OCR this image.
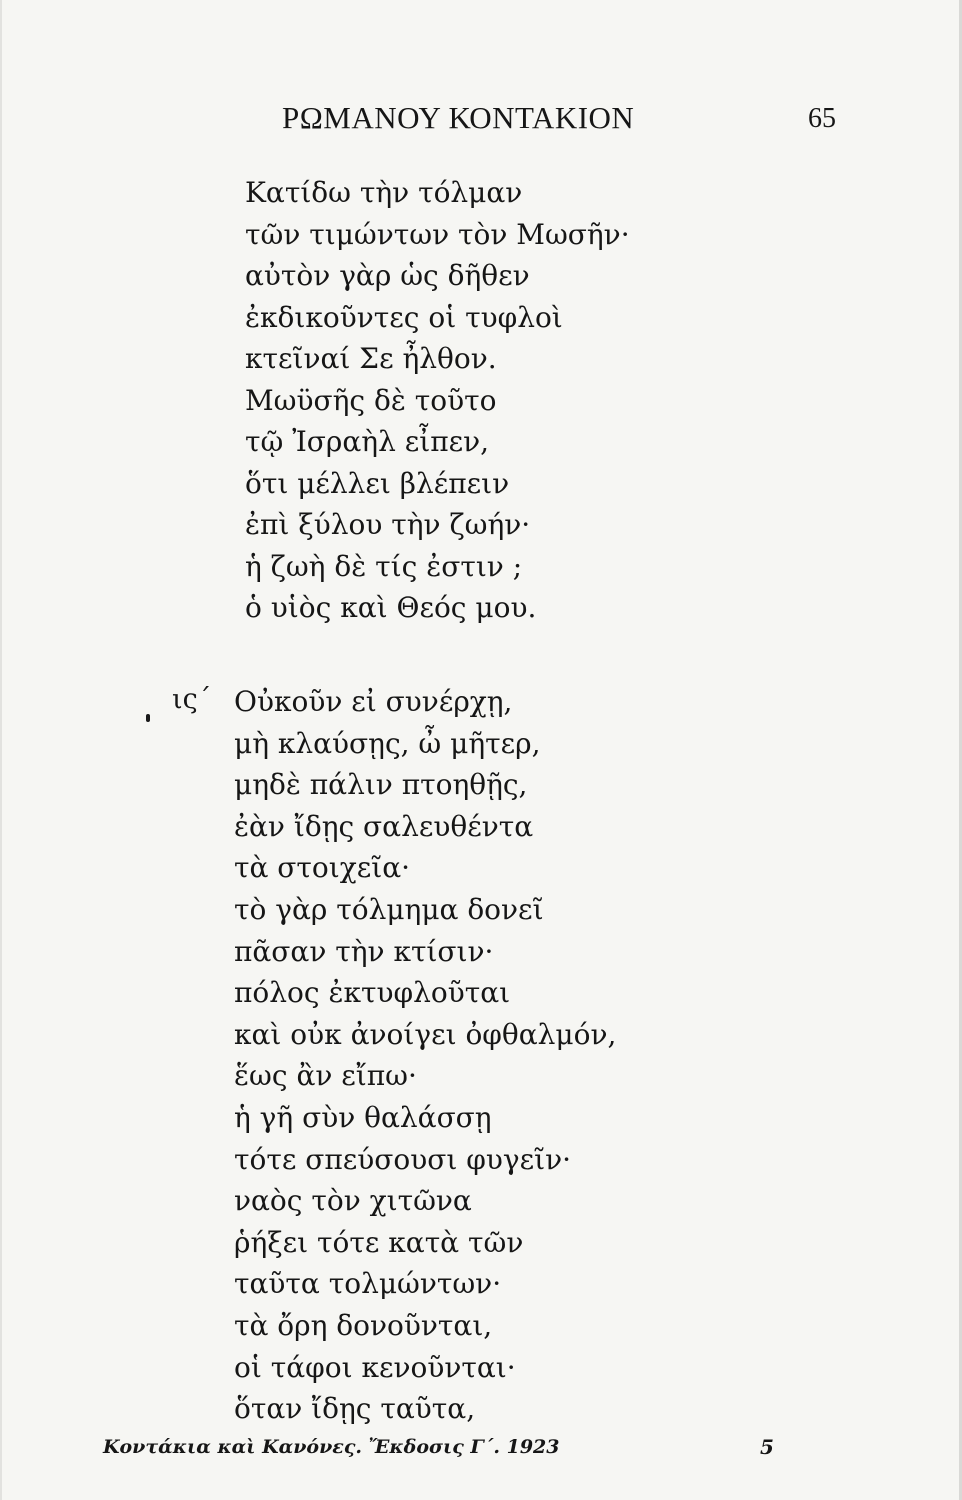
ΡΩΜΑΝΟΥ ΚΟΝΤΑΚΙΟΝ	65
Κατίδω τὴν τόλμαν
τῶν τιμώντων τὸν Μωσῆν·
αὐτὸν γὰρ ὡς δῆθεν
ἐκδικοῦντες οἱ τυφλοὶ
κτεῖναί Σε ἦλθον.
Μωϋσῆς δὲ τοῦτο
τῷ Ἰσραὴλ εἶπεν,
ὅτι μέλλει βλέπειν
ἐπὶ ξύλου τὴν ζωήν·
ἡ ζωὴ δὲ τίς ἐστιν ;
ὁ υἱὸς καὶ Θεός μου.
ις΄ Οὐκοῦν εἰ συνέρχῃ,
μὴ κλαύσῃς, ὦ μῆτερ,
μηδὲ πάλιν πτοηθῇς,
ἐὰν ἴδῃς σαλευθέντα
τὰ στοιχεῖα·
τὸ γὰρ τόλμημα δονεῖ
πᾶσαν τὴν κτίσιν·
πόλος ἐκτυφλοῦται
καὶ οὐκ ἀνοίγει ὀφθαλμόν,
ἕως ἂν εἴπω·
ἡ γῆ σὺν θαλάσσῃ
τότε σπεύσουσι φυγεῖν·
ναὸς τὸν χιτῶνα
ῥήξει τότε κατὰ τῶν
ταῦτα τολμώντων·
τὰ ὄρη δονοῦνται,
οἱ τάφοι κενοῦνται·
ὅταν ἴδῃς ταῦτα,
Κοντάκια καὶ Κανόνες. Ἔκδοσις Γ΄. 1923	5
